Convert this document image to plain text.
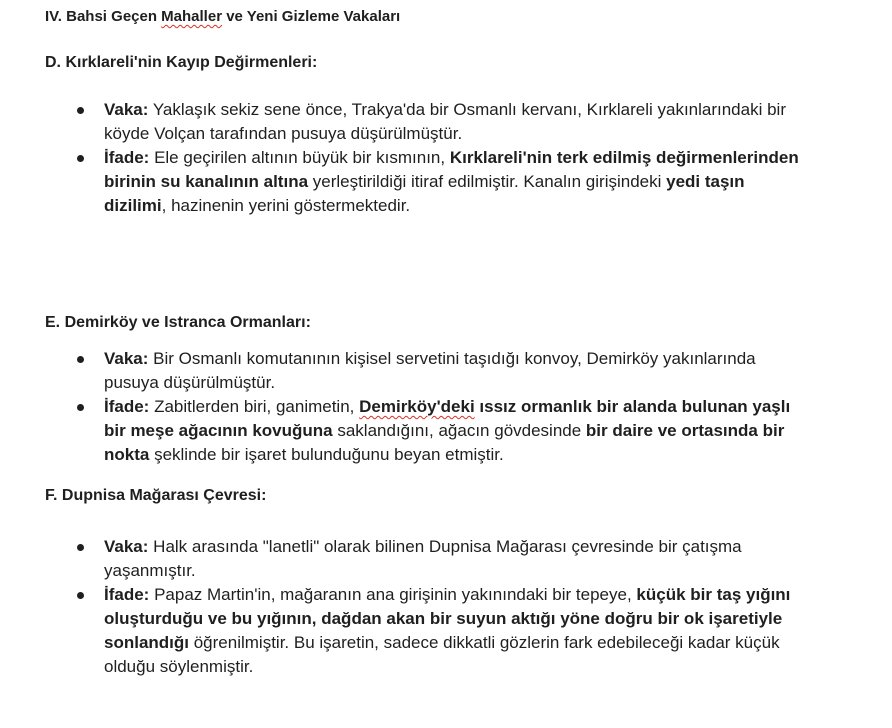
IV. Bahsi Geçen Mahaller ve Yeni Gizleme Vakaları
D. Kırklareli'nin Kayıp Değirmenleri:
Vaka: Yaklaşık sekiz sene önce, Trakya'da bir Osmanlı kervanı, Kırklareli yakınlarındaki bir köyde Volçan tarafından pusuya düşürülmüştür.
İfade: Ele geçirilen altının büyük bir kısmının, Kırklareli'nin terk edilmiş değirmenlerinden birinin su kanalının altına yerleştirildiği itiraf edilmiştir. Kanalın girişindeki yedi taşın dizilimi, hazinenin yerini göstermektedir.
E. Demirköy ve Istranca Ormanları:
Vaka: Bir Osmanlı komutanının kişisel servetini taşıdığı konvoy, Demirköy yakınlarında pusuya düşürülmüştür.
İfade: Zabitlerden biri, ganimetin, Demirköy'deki ıssız ormanlık bir alanda bulunan yaşlı bir meşe ağacının kovuğuna saklandığını, ağacın gövdesinde bir daire ve ortasında bir nokta şeklinde bir işaret bulunduğunu beyan etmiştir.
F. Dupnisa Mağarası Çevresi:
Vaka: Halk arasında "lanetli" olarak bilinen Dupnisa Mağarası çevresinde bir çatışma yaşanmıştır.
İfade: Papaz Martin'in, mağaranın ana girişinin yakınındaki bir tepeye, küçük bir taş yığını oluşturduğu ve bu yığının, dağdan akan bir suyun aktığı yöne doğru bir ok işaretiyle sonlandığı öğrenilmiştir. Bu işaretin, sadece dikkatli gözlerin fark edebileceği kadar küçük olduğu söylenmiştir.
